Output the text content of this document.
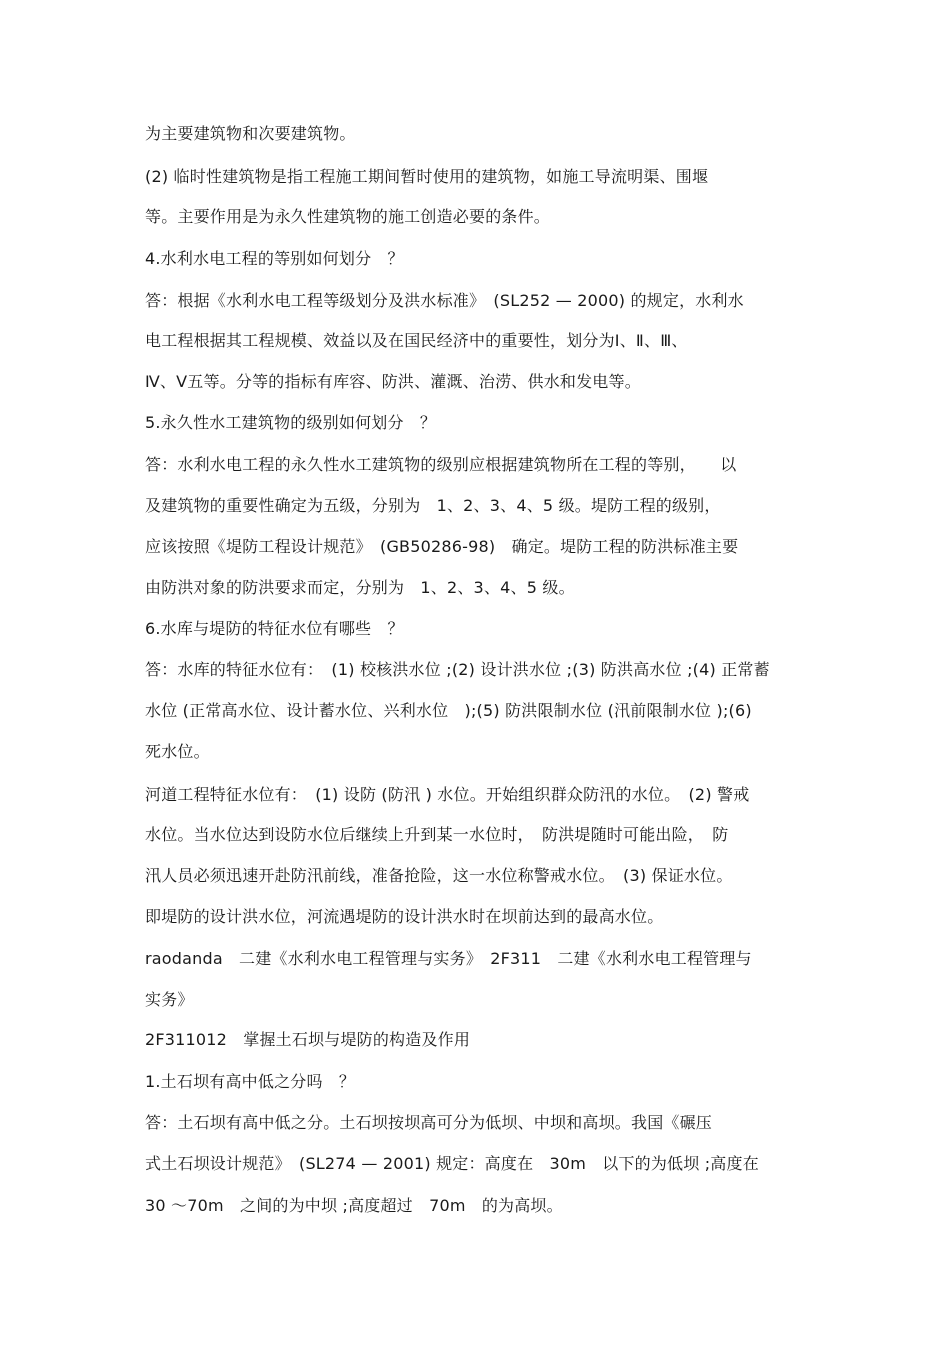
为主要建筑物和次要建筑物。
(2) 临时性建筑物是指工程施工期间暂时使用的建筑物，如施工导流明渠、围堰
等。主要作用是为永久性建筑物的施工创造必要的条件。
4.水利水电工程的等别如何划分　？
答：根据《水利水电工程等级划分及洪水标准》　(SL252 — 2000) 的规定，水利水
电工程根据其工程规模、效益以及在国民经济中的重要性，划分为Ⅰ、Ⅱ、Ⅲ、
Ⅳ、Ⅴ五等。分等的指标有库容、防洪、灌溉、治涝、供水和发电等。
5.永久性水工建筑物的级别如何划分　？
答：水利水电工程的永久性水工建筑物的级别应根据建筑物所在工程的等别，　　以
及建筑物的重要性确定为五级，分别为　1、2、3、4、5 级。堤防工程的级别，
应该按照《堤防工程设计规范》　(GB50286-98)　确定。堤防工程的防洪标准主要
由防洪对象的防洪要求而定，分别为　1、2、3、4、5 级。
6.水库与堤防的特征水位有哪些　？
答：水库的特征水位有：　(1) 校核洪水位 ;(2) 设计洪水位 ;(3) 防洪高水位 ;(4) 正常蓄
水位 (正常高水位、设计蓄水位、兴利水位　);(5) 防洪限制水位 (汛前限制水位 );(6)
死水位。
河道工程特征水位有：　(1) 设防 (防汛 ) 水位。开始组织群众防汛的水位。　(2) 警戒
水位。当水位达到设防水位后继续上升到某一水位时，　防洪堤随时可能出险，　防
汛人员必须迅速开赴防汛前线，准备抢险，这一水位称警戒水位。　(3) 保证水位。
即堤防的设计洪水位，河流遇堤防的设计洪水时在坝前达到的最高水位。
raodanda　二建《水利水电工程管理与实务》　2F311　二建《水利水电工程管理与
实务》
2F311012　掌握土石坝与堤防的构造及作用
1.土石坝有高中低之分吗　？
答：土石坝有高中低之分。土石坝按坝高可分为低坝、中坝和高坝。我国《碾压
式土石坝设计规范》　(SL274 — 2001) 规定：高度在　30m　以下的为低坝 ;高度在
30 ～70m　之间的为中坝 ;高度超过　70m　的为高坝。
